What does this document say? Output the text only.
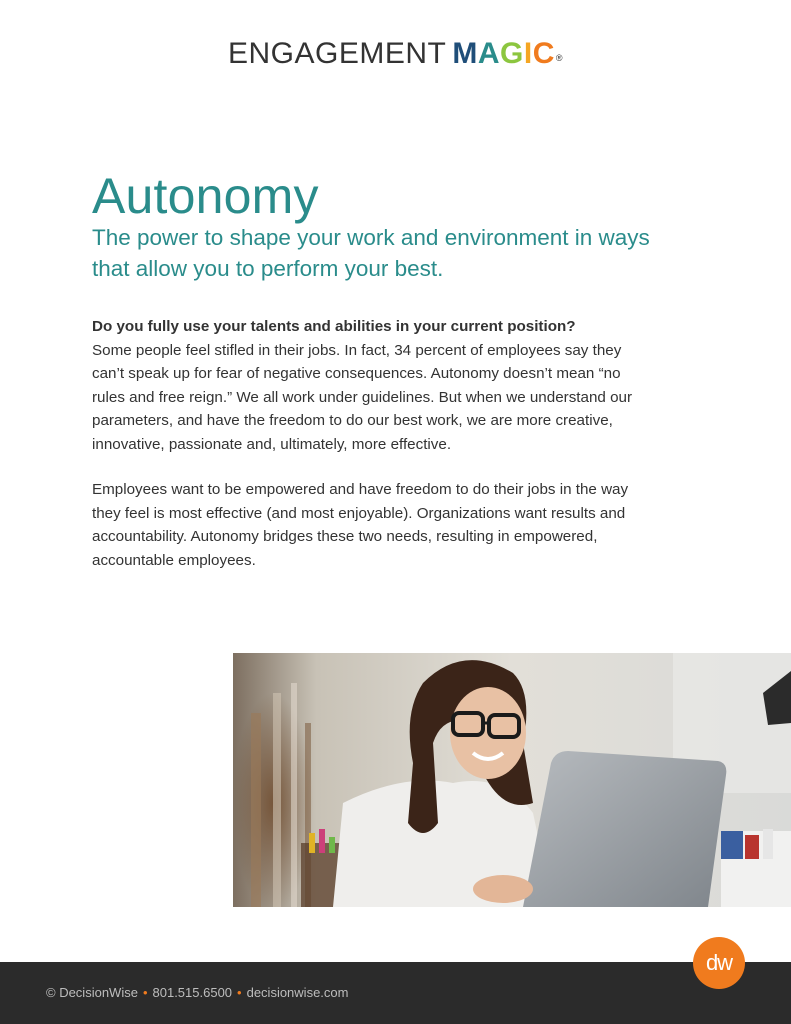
ENGAGEMENT MAGIC®
Autonomy

The power to shape your work and environment in ways that allow you to perform your best.

Do you fully use your talents and abilities in your current position?
Some people feel stifled in their jobs. In fact, 34 percent of employees say they can’t speak up for fear of negative consequences. Autonomy doesn’t mean “no rules and free reign.” We all work under guidelines. But when we understand our parameters, and have the freedom to do our best work, we are more creative, innovative, passionate and, ultimately, more effective.

Employees want to be empowered and have freedom to do their jobs in the way they feel is most effective (and most enjoyable). Organizations want results and accountability. Autonomy bridges these two needs, resulting in empowered, accountable employees.

dw
© DecisionWise • 801.515.6500 • decisionwise.com
